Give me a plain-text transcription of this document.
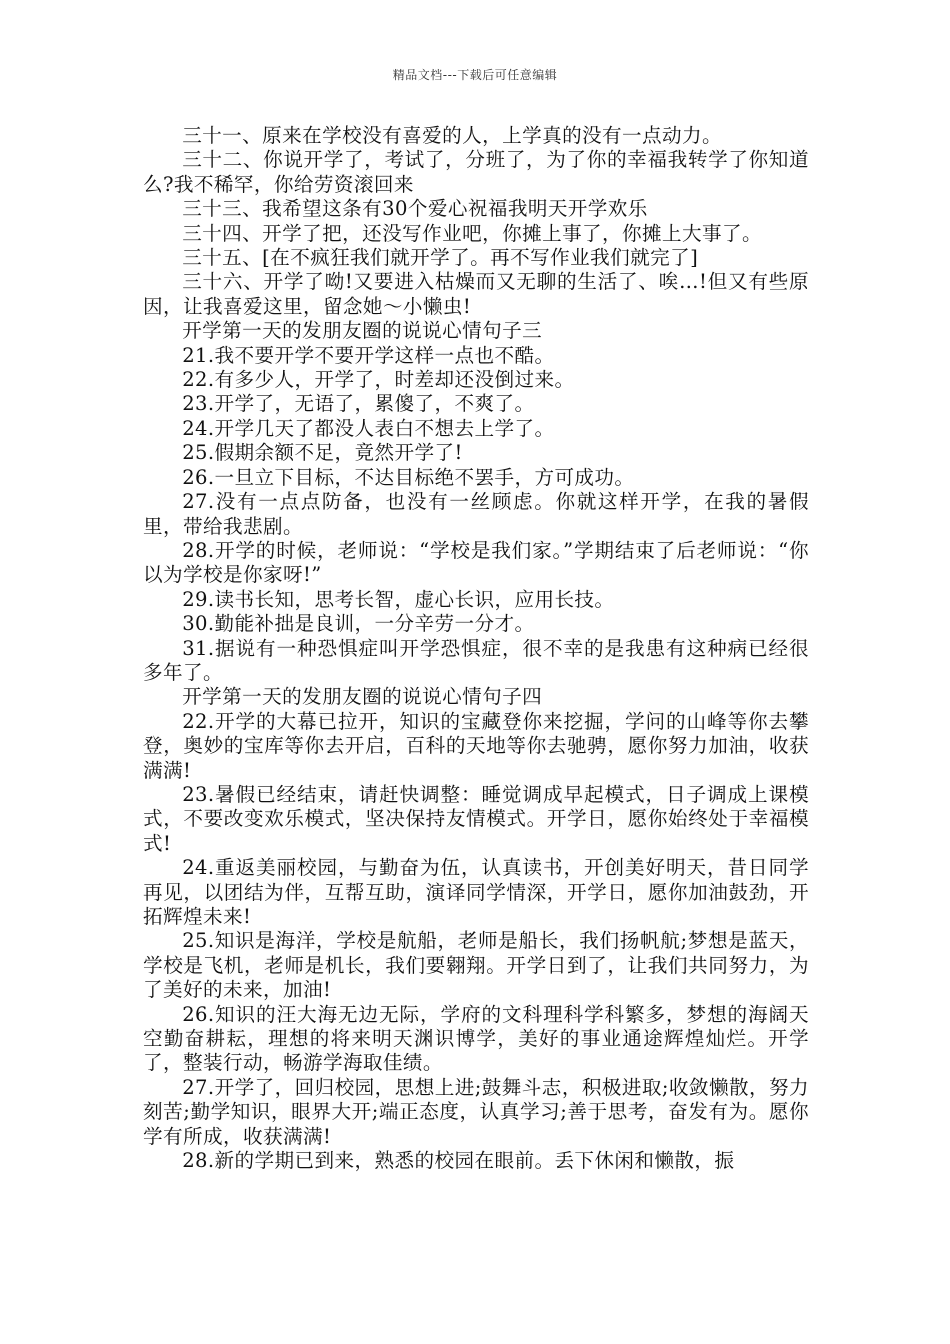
精品文档---下载后可任意编辑

三十一、原来在学校没有喜爱的人，上学真的没有一点动力。

三十二、你说开学了，考试了，分班了，为了你的幸福我转学了你知道么?我不稀罕，你给劳资滚回来

三十三、我希望这条有30个爱心祝福我明天开学欢乐

三十四、开学了把，还没写作业吧，你摊上事了，你摊上大事了。

三十五、[在不疯狂我们就开学了。再不写作业我们就完了]

三十六、开学了呦!又要进入枯燥而又无聊的生活了、唉…!但又有些原因，让我喜爱这里，留念她～小懒虫!

开学第一天的发朋友圈的说说心情句子三

21.我不要开学不要开学这样一点也不酷。

22.有多少人，开学了，时差却还没倒过来。

23.开学了，无语了，累傻了，不爽了。

24.开学几天了都没人表白不想去上学了。

25.假期余额不足，竟然开学了!

26.一旦立下目标，不达目标绝不罢手，方可成功。

27.没有一点点防备，也没有一丝顾虑。你就这样开学，在我的暑假里，带给我悲剧。

28.开学的时候，老师说：“学校是我们家。”学期结束了后老师说：“你以为学校是你家呀!”

29.读书长知，思考长智，虚心长识，应用长技。

30.勤能补拙是良训，一分辛劳一分才。

31.据说有一种恐惧症叫开学恐惧症，很不幸的是我患有这种病已经很多年了。

开学第一天的发朋友圈的说说心情句子四

22.开学的大幕已拉开，知识的宝藏登你来挖掘，学问的山峰等你去攀登，奥妙的宝库等你去开启，百科的天地等你去驰骋，愿你努力加油，收获满满!

23.暑假已经结束，请赶快调整：睡觉调成早起模式，日子调成上课模式，不要改变欢乐模式，坚决保持友情模式。开学日，愿你始终处于幸福模式!

24.重返美丽校园，与勤奋为伍，认真读书，开创美好明天，昔日同学再见，以团结为伴，互帮互助，演译同学情深，开学日，愿你加油鼓劲，开拓辉煌未来!

25.知识是海洋，学校是航船，老师是船长，我们扬帆航;梦想是蓝天，学校是飞机，老师是机长，我们要翱翔。开学日到了，让我们共同努力，为了美好的未来，加油!

26.知识的汪大海无边无际，学府的文科理科学科繁多，梦想的海阔天空勤奋耕耘，理想的将来明天渊识博学，美好的事业通途辉煌灿烂。开学了，整装行动，畅游学海取佳绩。

27.开学了，回归校园，思想上进;鼓舞斗志，积极进取;收敛懒散，努力刻苦;勤学知识，眼界大开;端正态度，认真学习;善于思考，奋发有为。愿你学有所成，收获满满!

28.新的学期已到来，熟悉的校园在眼前。丢下休闲和懒散，振
